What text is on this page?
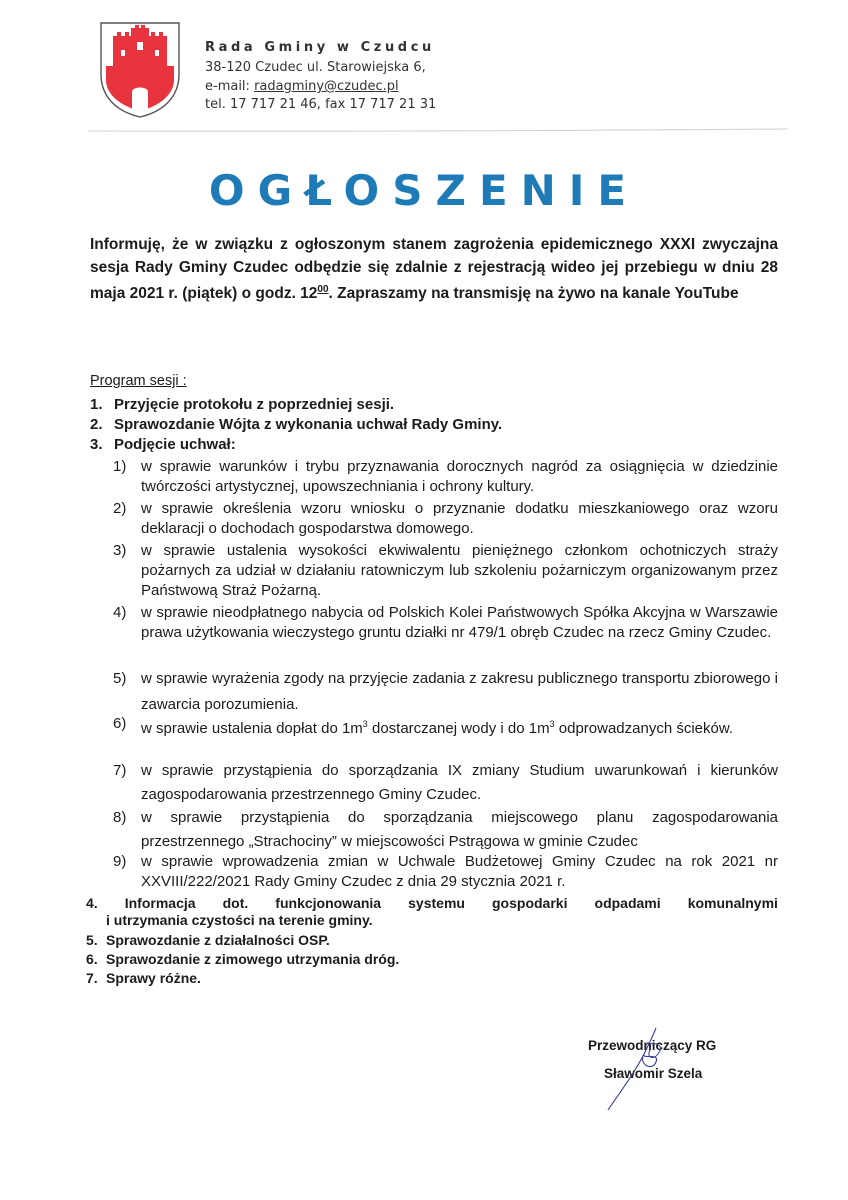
Rada Gminy w Czudcu
38-120 Czudec ul. Starowiejska 6,
e-mail: radagminy@czudec.pl
tel. 17 717 21 46, fax 17 717 21 31
OGŁOSZENIE
Informuję, że w związku z ogłoszonym stanem zagrożenia epidemicznego XXXI zwyczajna sesja Rady Gminy Czudec odbędzie się zdalnie z rejestracją wideo jej przebiegu w dniu 28 maja 2021 r. (piątek) o godz. $12^{00}$. Zapraszamy na transmisję na żywo na kanale YouTube
Program sesji :
1. Przyjęcie protokołu z poprzedniej sesji.
2. Sprawozdanie Wójta z wykonania uchwał Rady Gminy.
3. Podjęcie uchwał:
1) w sprawie warunków i trybu przyznawania dorocznych nagród za osiągnięcia w dziedzinie twórczości artystycznej, upowszechniania i ochrony kultury.
2) w sprawie określenia wzoru wniosku o przyznanie dodatku mieszkaniowego oraz wzoru deklaracji o dochodach gospodarstwa domowego.
3) w sprawie ustalenia wysokości ekwiwalentu pieniężnego członkom ochotniczych straży pożarnych za udział w działaniu ratowniczym lub szkoleniu pożarniczym organizowanym przez Państwową Straż Pożarną.
4) w sprawie nieodpłatnego nabycia od Polskich Kolei Państwowych Spółka Akcyjna w Warszawie prawa użytkowania wieczystego gruntu działki nr 479/1 obręb Czudec na rzecz Gminy Czudec.
5) w sprawie wyrażenia zgody na przyjęcie zadania z zakresu publicznego transportu zbiorowego i zawarcia porozumienia.
6) w sprawie ustalenia dopłat do $1m^3$ dostarczanej wody i do $1m^3$ odprowadzanych ścieków.
7) w sprawie przystąpienia do sporządzania IX zmiany Studium uwarunkowań i kierunków zagospodarowania przestrzennego Gminy Czudec.
8) w sprawie przystąpienia do sporządzania miejscowego planu zagospodarowania przestrzennego „Strachociny” w miejscowości Pstrągowa w gminie Czudec
9) w sprawie wprowadzenia zmian w Uchwale Budżetowej Gminy Czudec na rok 2021 nr XXVIII/222/2021 Rady Gminy Czudec z dnia 29 stycznia 2021 r.
4. Informacja dot. funkcjonowania systemu gospodarki odpadami komunalnymi
i utrzymania czystości na terenie gminy.
5. Sprawozdanie z działalności OSP.
6. Sprawozdanie z zimowego utrzymania dróg.
7. Sprawy różne.
Przewodniczący RG
Sławomir Szela
